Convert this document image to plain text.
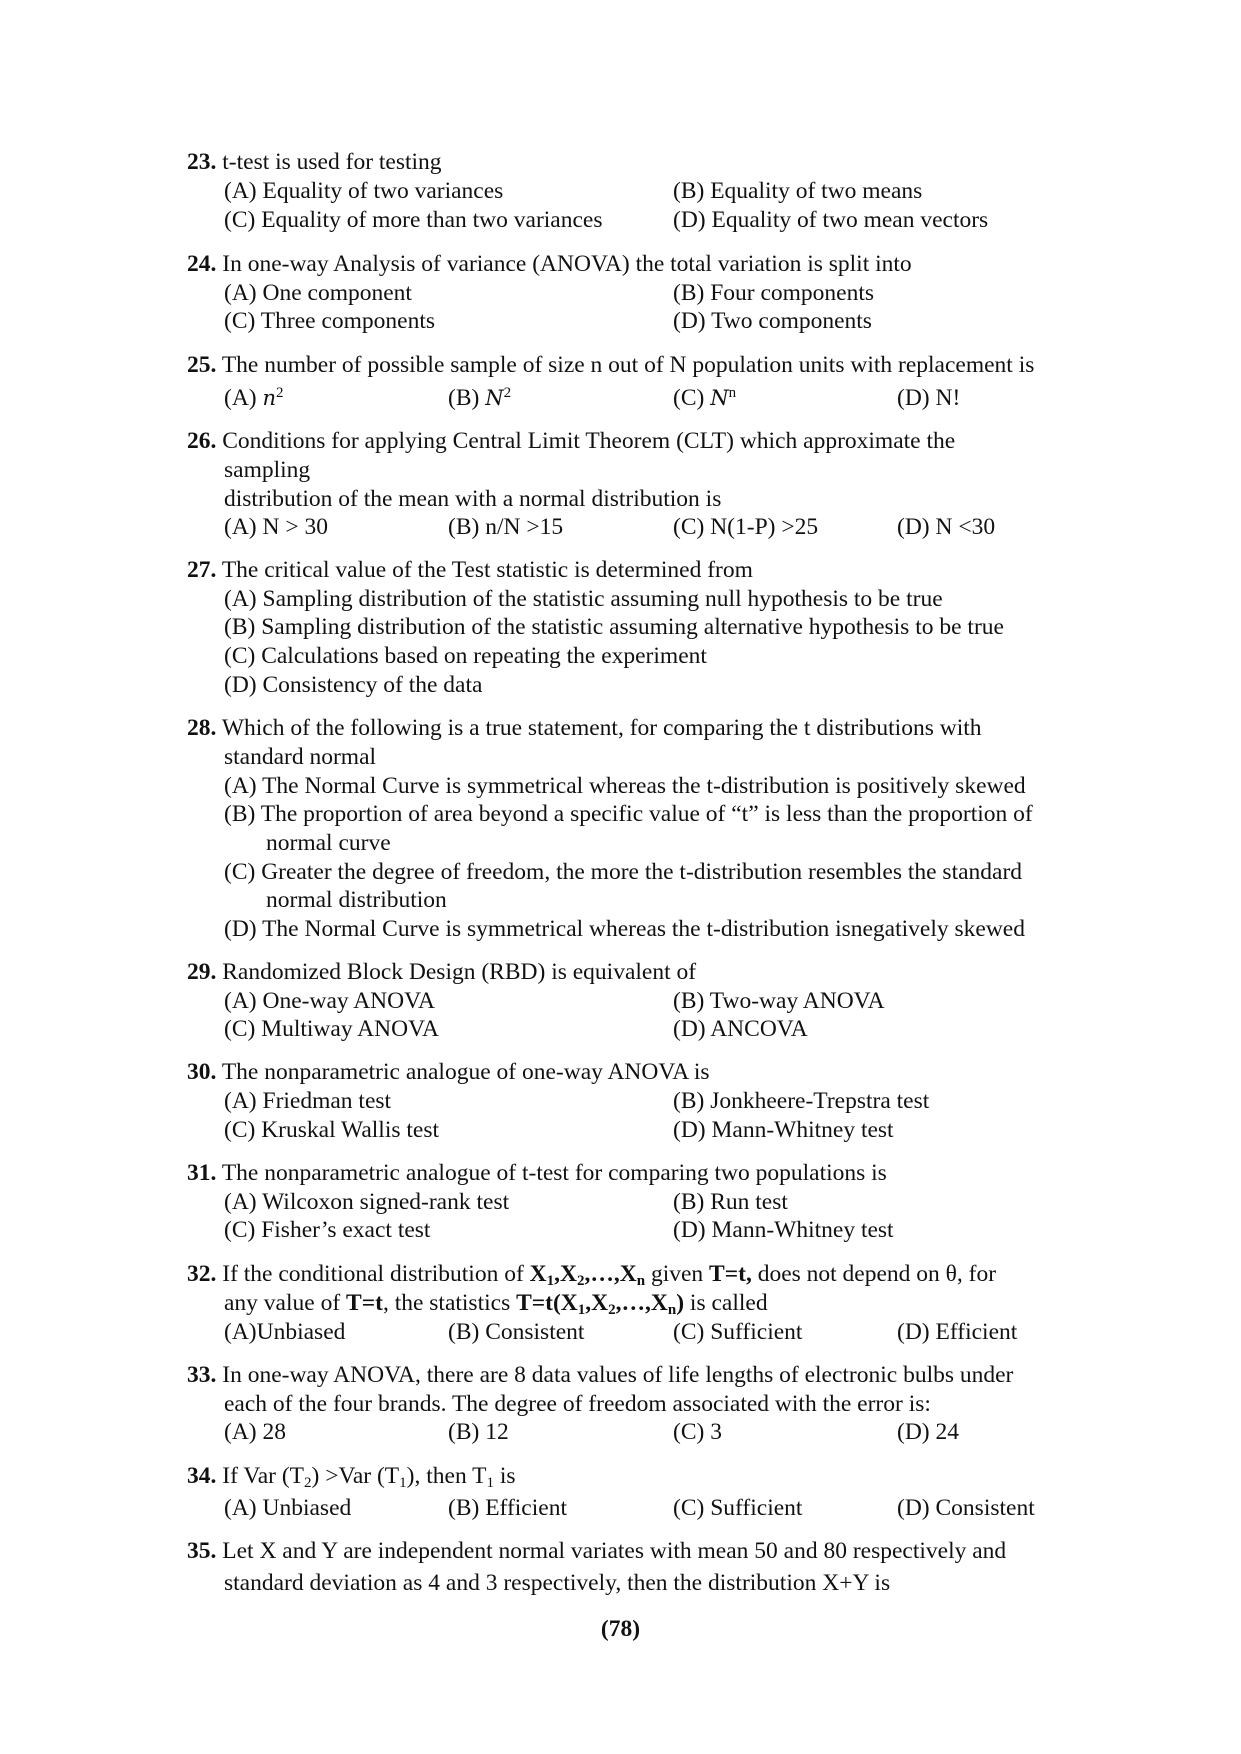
23. t-test is used for testing
(A) Equality of two variances	(B) Equality of two means
(C) Equality of more than two variances	(D) Equality of two mean vectors
24. In one-way Analysis of variance (ANOVA) the total variation is split into
(A) One component	(B) Four components
(C) Three components	(D) Two components
25. The number of possible sample of size n out of N population units with replacement is
(A) $n^2$	(B) $N^2$	(C) $N^n$	(D) N!
26. Conditions for applying Central Limit Theorem (CLT) which approximate the
sampling
distribution of the mean with a normal distribution is
(A) N > 30	(B) n/N >15	(C) N(1-P) >25	(D) N <30
27. The critical value of the Test statistic is determined from
(A) Sampling distribution of the statistic assuming null hypothesis to be true
(B) Sampling distribution of the statistic assuming alternative hypothesis to be true
(C) Calculations based on repeating the experiment
(D) Consistency of the data
28. Which of the following is a true statement, for comparing the t distributions with
standard normal
(A) The Normal Curve is symmetrical whereas the t-distribution is positively skewed
(B) The proportion of area beyond a specific value of “t” is less than the proportion of
normal curve
(C) Greater the degree of freedom, the more the t-distribution resembles the standard
normal distribution
(D) The Normal Curve is symmetrical whereas the t-distribution isnegatively skewed
29. Randomized Block Design (RBD) is equivalent of
(A) One-way ANOVA	(B) Two-way ANOVA
(C) Multiway ANOVA	(D) ANCOVA
30. The nonparametric analogue of one-way ANOVA is
(A) Friedman test	(B) Jonkheere-Trepstra test
(C) Kruskal Wallis test	(D) Mann-Whitney test
31. The nonparametric analogue of t-test for comparing two populations is
(A) Wilcoxon signed-rank test	(B) Run test
(C) Fisher’s exact test	(D) Mann-Whitney test
32. If the conditional distribution of $X_1,X_2,\dots,X_n$ given T=t, does not depend on θ, for
any value of T=t, the statistics $T=t(X_1,X_2,\dots,X_n)$ is called
(A)Unbiased	(B) Consistent	(C) Sufficient	(D) Efficient
33. In one-way ANOVA, there are 8 data values of life lengths of electronic bulbs under
each of the four brands. The degree of freedom associated with the error is:
(A) 28	(B) 12	(C) 3	(D) 24
34. If Var $(T_2) >Var$ $(T_1)$, then $T_1$ is
(A) Unbiased	(B) Efficient	(C) Sufficient	(D) Consistent
35. Let X and Y are independent normal variates with mean 50 and 80 respectively and
standard deviation as 4 and 3 respectively, then the distribution X+Y is
(78)
